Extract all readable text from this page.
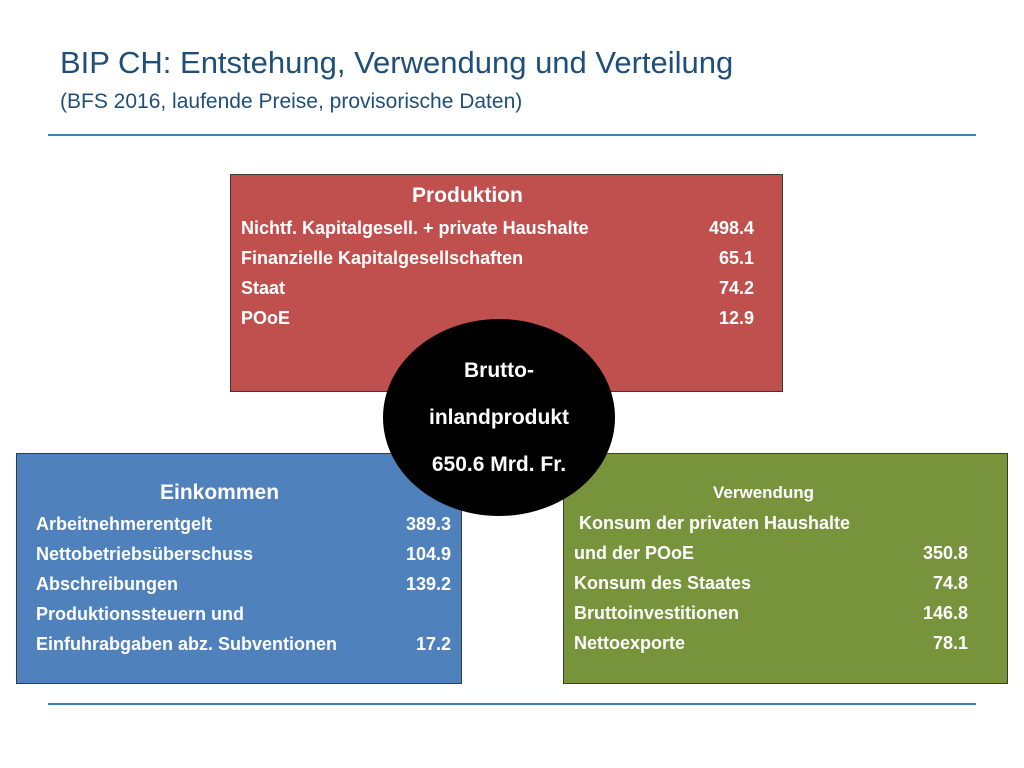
BIP CH: Entstehung, Verwendung und Verteilung
(BFS 2016, laufende Preise, provisorische Daten)
Produktion
Nichtf. Kapitalgesell. + private Haushalte	498.4
Finanzielle Kapitalgesellschaften	65.1
Staat	74.2
POoE	12.9
Einkommen
Arbeitnehmerentgelt	389.3
Nettobetriebsüberschuss	104.9
Abschreibungen	139.2
Produktionssteuern und
Einfuhrabgaben abz. Subventionen	17.2
Verwendung
Konsum der privaten Haushalte
und der POoE	350.8
Konsum des Staates	74.8
Bruttoinvestitionen	146.8
Nettoexporte	78.1
Brutto-
inlandprodukt
650.6 Mrd. Fr.
